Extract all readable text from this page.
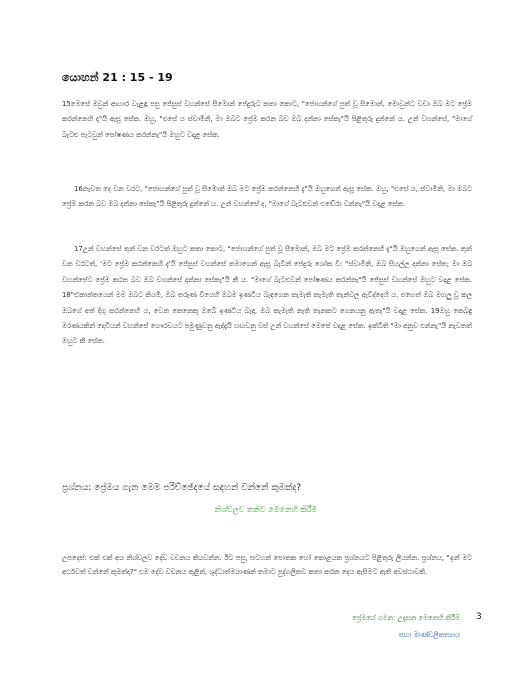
යොහන් 21 : 15 - 19
15මෙසේ ඔවුන් ආහාර වැළඳූ පසු ජේසුස් වහන්සේ සීමොන් පේදුරුට කතා කොට, "ජොහන්ගේ පුත් වූ සීමොන්, මොවුන්ට වඩා ඔබ මට ප්‍රේම කරන්නෙහි දැ"යි ඇසූ සේක. ඔහු, "එසේ ය ස්වාමීනි, මා ඔබට ප්‍රේම කරන බව ඔබ දන්නා සේකැ"යි පිළිතුරු දුන්නේ ය. උන් වහන්සේ, "මාගේ බැටළු පැටවුන් පෝෂණය කරන්නැ"යි ඔහුට වදාළ සේක.
16නැවත දෙ වන වරට, "ජොහන්ගේ පුත් වූ සීමොන් ඔබ මට ප්‍රේම කරන්නෙහි දැ"යි ඔහුගෙන් ඇසූ සේක. ඔහු, "එසේ ය, ස්වාමීනි, මා ඔබට ප්‍රේම කරන බව ඔබ දන්නා සේකැ"යි පිළිතුරු දුන්නේ ය. උන් වහන්සේ ද, "මාගේ බැටළුවන් එඬේරා වන්නැ"යි වදාළ සේක.
17උන් වහන්සේ තුන් වන වරටත් ඔහුට කතා කොට, "ජොහන්ගේ පුත් වූ සීමොන්, ඔබ මට ප්‍රේම කරන්නෙහි දැ"යි ඔහුගෙන් ඇසූ සේක. තුන් වන වරටත්, 'මට ප්‍රේම කරන්නෙහි දැ'යි ජේසුස් වහන්සේ තමාගෙන් ඇසූ බැවින් පේදුරු ශෝක වී: "ස්වාමීනි, ඔබ සියල්ල දන්නා සේක; මා ඔබ වහන්සේට ප්‍රේම කරන බව ඔබ වහන්සේ දන්නා සේකැ"යි කී ය. "මාගේ බැටළුවන් පෝෂණය කරන්නැ"යි ජේසුස් වහන්සේ ඔහුට වදාළ සේක. 18"ඒකාන්තයෙන් මම ඔබට කියමි, ඔබ තරුණ වියෙහි ඔබම ඉණටිය බැඳගෙන කැමැති කැමැති තැන්වල ඇවිද්දෙහි ය. එහෙත් ඔබ මහලු වූ කල ඔබගේ අත් දිගු කරන්නෙහි ය, වෙන කෙනෙකු ඔබේ ඉණටිය බැඳ, ඔබ කැමැති නැති තැනකට ගෙනයනු ඇතැ"යි වදාළ සේක. 19ඔහු කෙබඳු මරණයකින් දෙවියන් වහන්සේ ගෞරවයට පමුණුවනු ඇද්දැයි හඟවනු වස් උන් වහන්සේ මෙසේ වදාළ සේක. ඉක්බිති "මා අනුව එන්නැ"යි නැවතත් ඔහුට කී සේක.
ප්‍රශ්නය: ප්‍රේමය ගැන මෙම පරිච්ඡේදයේ සඳහන් වන්නේ කුමක්ද?
නිශ්චලව තනිව මෙනෙහි කිරීම
උපදෙස්: එක් එක් අය නිශ්චලව දේව වචනය කියවන්න. ඊට පසු, සටහන් පොතක හෝ කොළයක ප්‍රශ්නයට පිළිතුරු ලියන්න. ප්‍රශ්නය, "ඉන් මට අර්ථවත් වන්නේ කුමක්ද?" එම දේව වචනය තුළින්, ශුද්ධාත්මයාණන් තමාට පුද්ගලිකව කතා කරන දෙය ඇසීමට ඇති අවස්ථාවකි.
ප්‍රේමයේ ගමන: උදෑසන මෙනෙහි කිරීම
සහා මාණ්ඩලිකත්‍යාය
3
